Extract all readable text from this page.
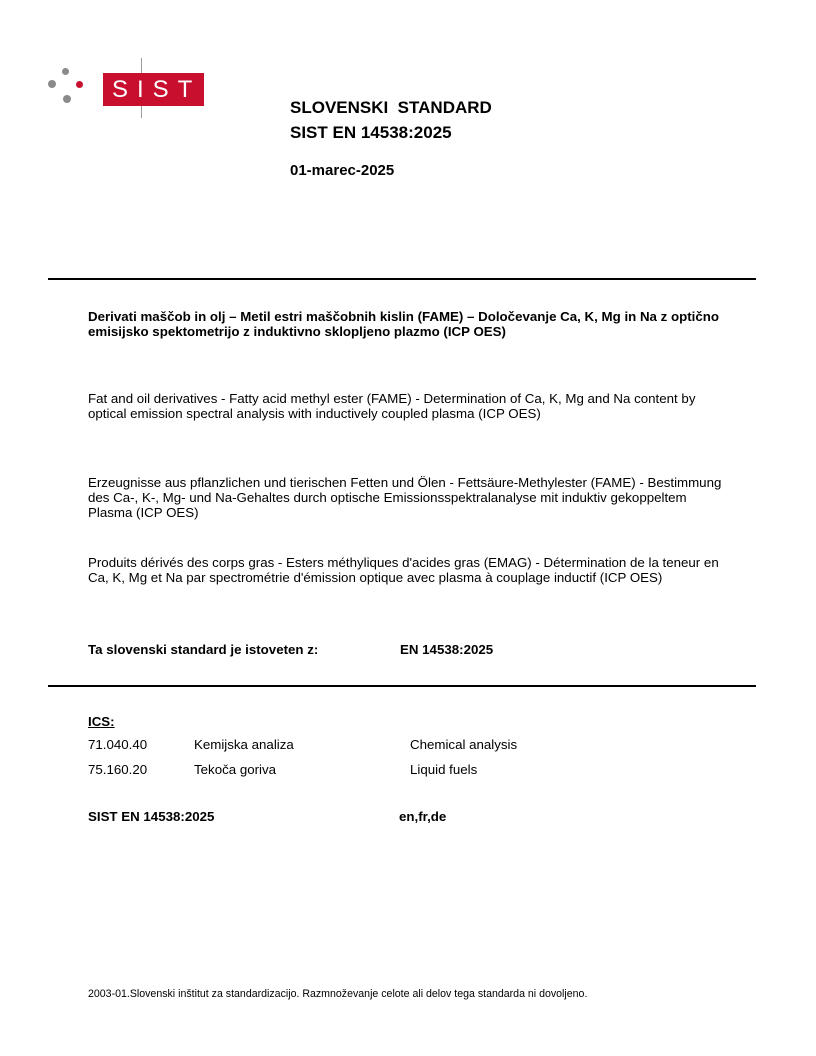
SIST
SLOVENSKI  STANDARD
SIST EN 14538:2025
01-marec-2025
Derivati maščob in olj – Metil estri maščobnih kislin (FAME) – Določevanje Ca, K, Mg in Na z optično emisijsko spektometrijo z induktivno sklopljeno plazmo (ICP OES)
Fat and oil derivatives - Fatty acid methyl ester (FAME) - Determination of Ca, K, Mg and Na content by optical emission spectral analysis with inductively coupled plasma (ICP OES)
Erzeugnisse aus pflanzlichen und tierischen Fetten und Ölen - Fettsäure-Methylester (FAME) - Bestimmung des Ca-, K-, Mg- und Na-Gehaltes durch optische Emissionsspektralanalyse mit induktiv gekoppeltem Plasma (ICP OES)
Produits dérivés des corps gras - Esters méthyliques d'acides gras (EMAG) - Détermination de la teneur en Ca, K, Mg et Na par spectrométrie d'émission optique avec plasma à couplage inductif (ICP OES)
Ta slovenski standard je istoveten z:	EN 14538:2025
ICS:
71.040.40	Kemijska analiza	Chemical analysis
75.160.20	Tekoča goriva	Liquid fuels
SIST EN 14538:2025	en,fr,de
2003-01.Slovenski inštitut za standardizacijo. Razmnoževanje celote ali delov tega standarda ni dovoljeno.
